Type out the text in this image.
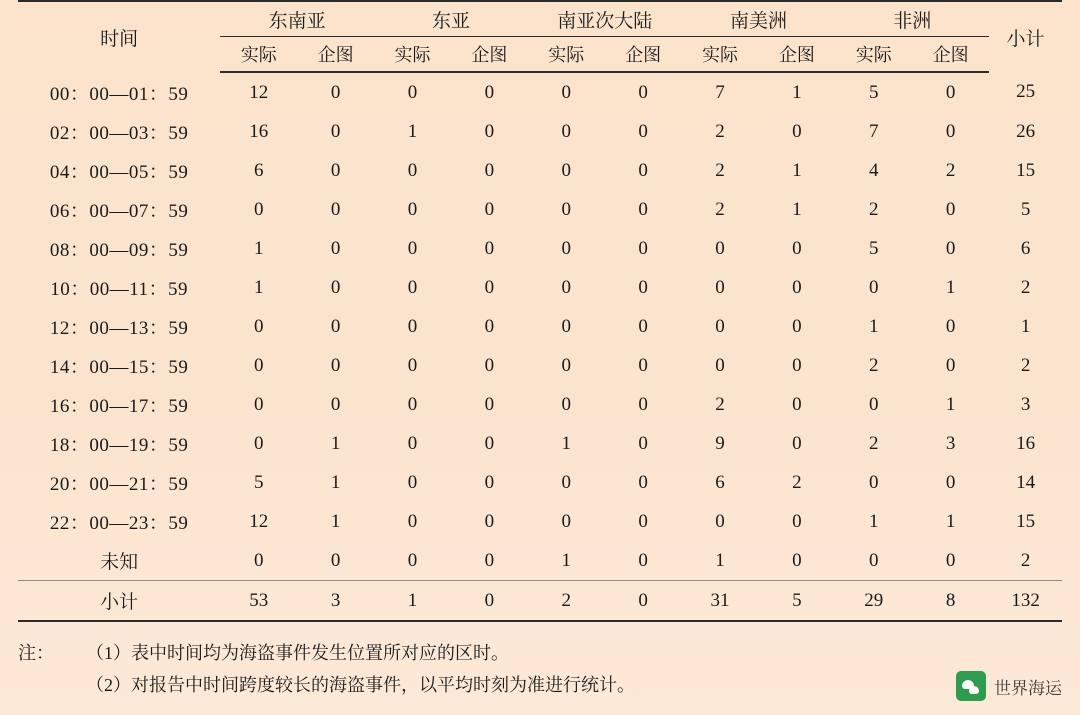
时间	东南亚		东亚		南亚次大陆		南美洲		非洲		小计
	实际	企图	实际	企图	实际	企图	实际	企图	实际	企图	
00：00—01：59	12	0	0	0	0	0	7	1	5	0	25
02：00—03：59	16	0	1	0	0	0	2	0	7	0	26
04：00—05：59	6	0	0	0	0	0	2	1	4	2	15
06：00—07：59	0	0	0	0	0	0	2	1	2	0	5
08：00—09：59	1	0	0	0	0	0	0	0	5	0	6
10：00—11：59	1	0	0	0	0	0	0	0	0	1	2
12：00—13：59	0	0	0	0	0	0	0	0	1	0	1
14：00—15：59	0	0	0	0	0	0	0	0	2	0	2
16：00—17：59	0	0	0	0	0	0	2	0	0	1	3
18：00—19：59	0	1	0	0	1	0	9	0	2	3	16
20：00—21：59	5	1	0	0	0	0	6	2	0	0	14
22：00—23：59	12	1	0	0	0	0	0	0	1	1	15
未知	0	0	0	0	1	0	1	0	0	0	2
小计	53	3	1	0	2	0	31	5	29	8	132
注： （1）表中时间均为海盗事件发生位置所对应的区时。
（2）对报告中时间跨度较长的海盗事件，以平均时刻为准进行统计。	世界海运
